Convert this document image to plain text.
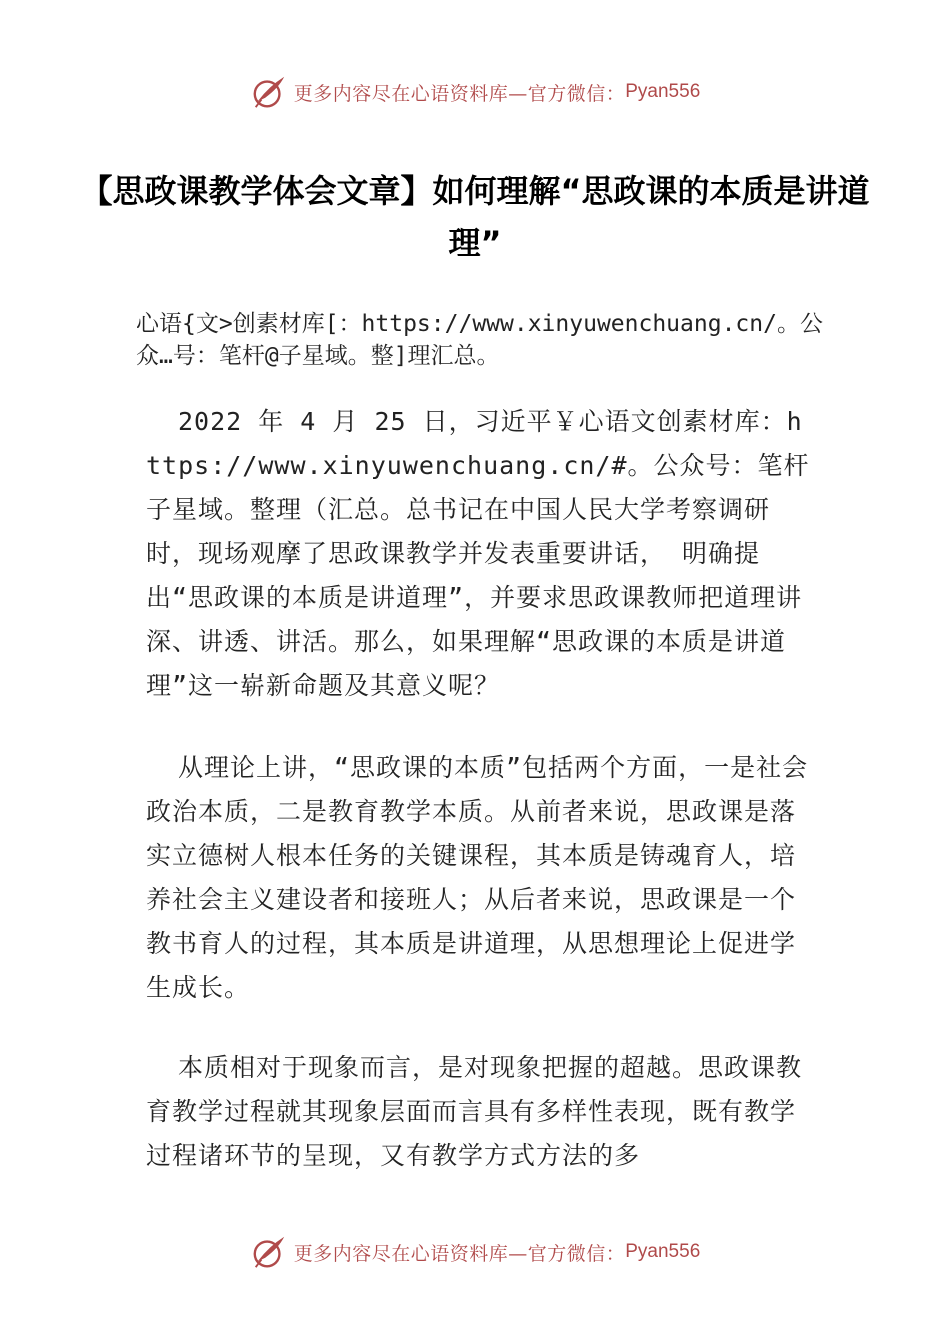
更多内容尽在心语资料库—官方微信： Pyan556
【思政课教学体会文章】如何理解“思政课的本质是讲道理”
心语{文>创素材库[：https://www.xinyuwenchuang.cn/。公众…号：笔杆@子星域。整]理汇总。
2022 年 4 月 25 日，习近平￥心语文创素材库：https://www.xinyuwenchuang.cn/#。公众号：笔杆子星域。整理（汇总。总书记在中国人民大学考察调研时，现场观摩了思政课教学并发表重要讲话， 明确提出“思政课的本质是讲道理”，并要求思政课教师把道理讲深、讲透、讲活。那么，如果理解“思政课的本质是讲道理”这一崭新命题及其意义呢？
从理论上讲，“思政课的本质”包括两个方面，一是社会政治本质，二是教育教学本质。从前者来说，思政课是落实立德树人根本任务的关键课程，其本质是铸魂育人，培养社会主义建设者和接班人；从后者来说，思政课是一个教书育人的过程，其本质是讲道理，从思想理论上促进学生成长。
本质相对于现象而言，是对现象把握的超越。思政课教育教学过程就其现象层面而言具有多样性表现，既有教学过程诸环节的呈现，又有教学方式方法的多
更多内容尽在心语资料库—官方微信： Pyan556
